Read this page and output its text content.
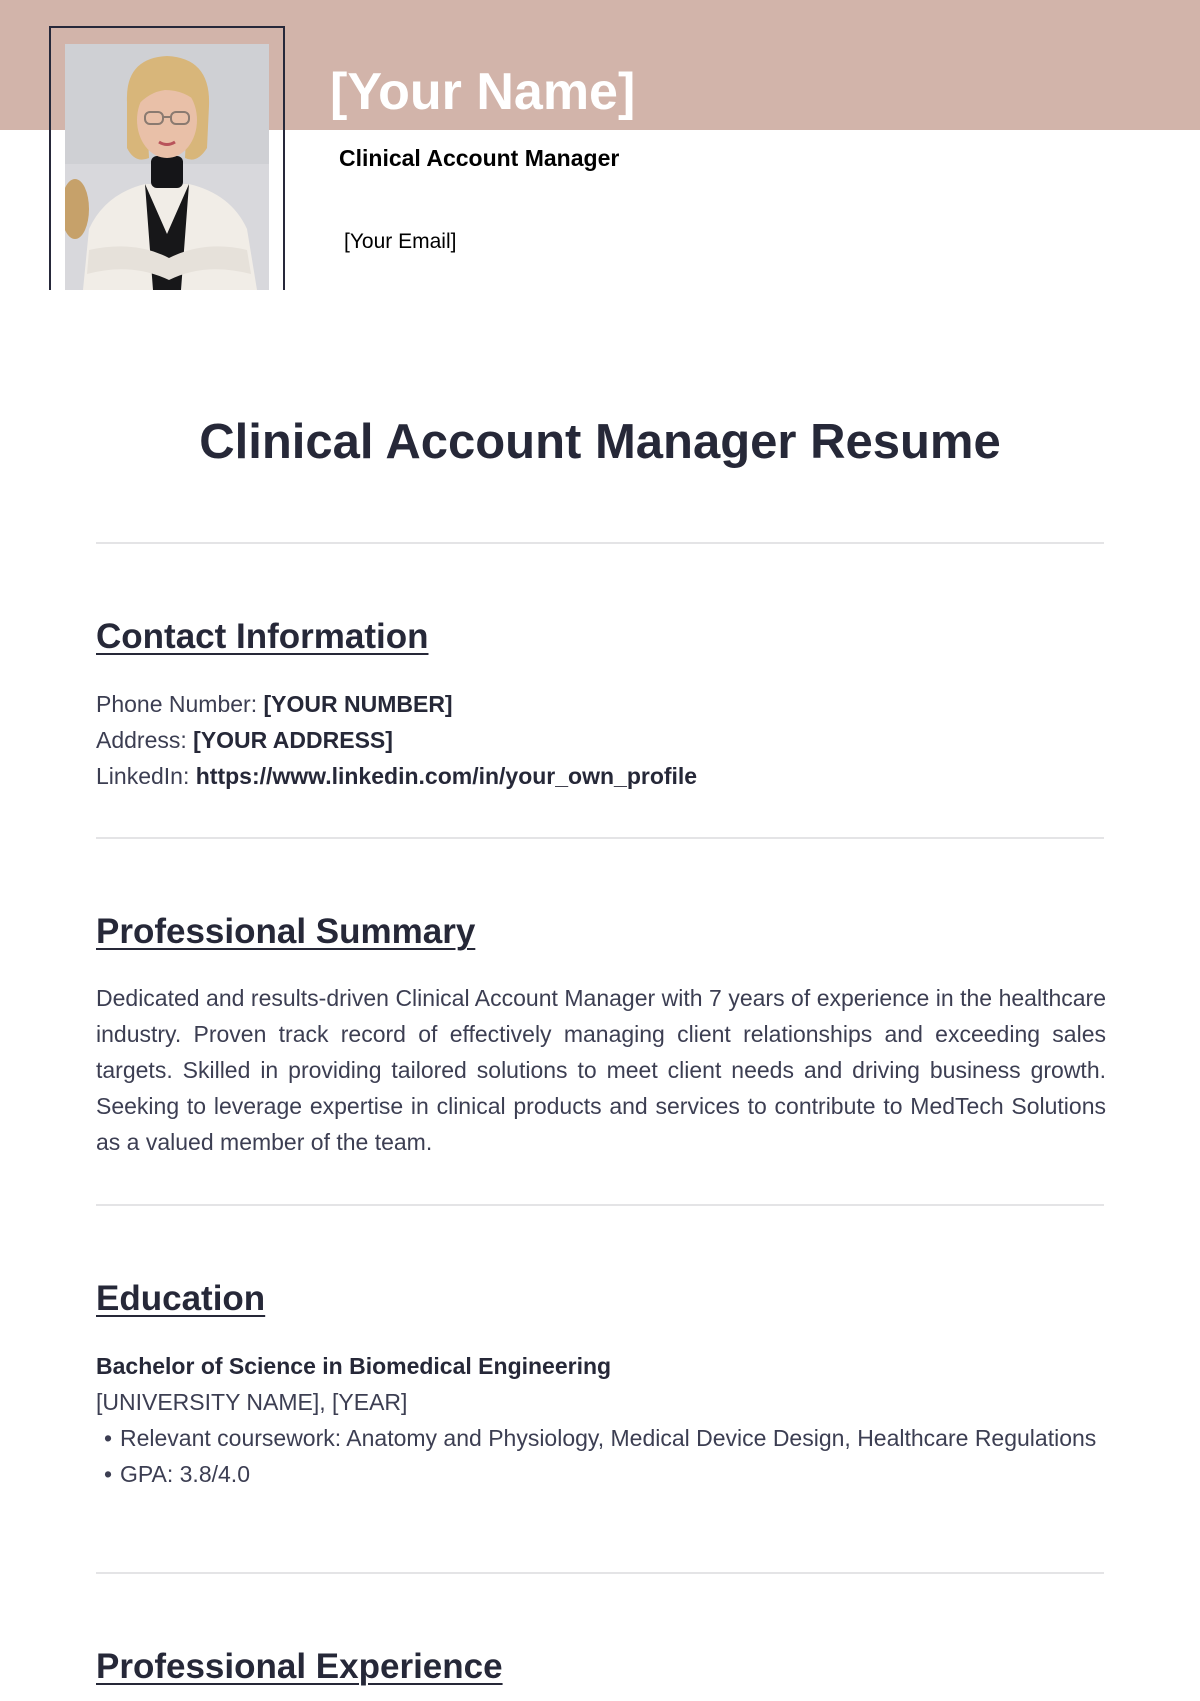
[Your Name]
Clinical Account Manager
[Your Email]
Clinical Account Manager Resume
Contact Information
Phone Number: [YOUR NUMBER]
Address: [YOUR ADDRESS]
LinkedIn: https://www.linkedin.com/in/your_own_profile
Professional Summary

Dedicated and results-driven Clinical Account Manager with 7 years of experience in the healthcare industry. Proven track record of effectively managing client relationships and exceeding sales targets. Skilled in providing tailored solutions to meet client needs and driving business growth. Seeking to leverage expertise in clinical products and services to contribute to MedTech Solutions as a valued member of the team.

Education
Bachelor of Science in Biomedical Engineering
[UNIVERSITY NAME], [YEAR]
• Relevant coursework: Anatomy and Physiology, Medical Device Design, Healthcare Regulations
• GPA: 3.8/4.0
Professional Experience
